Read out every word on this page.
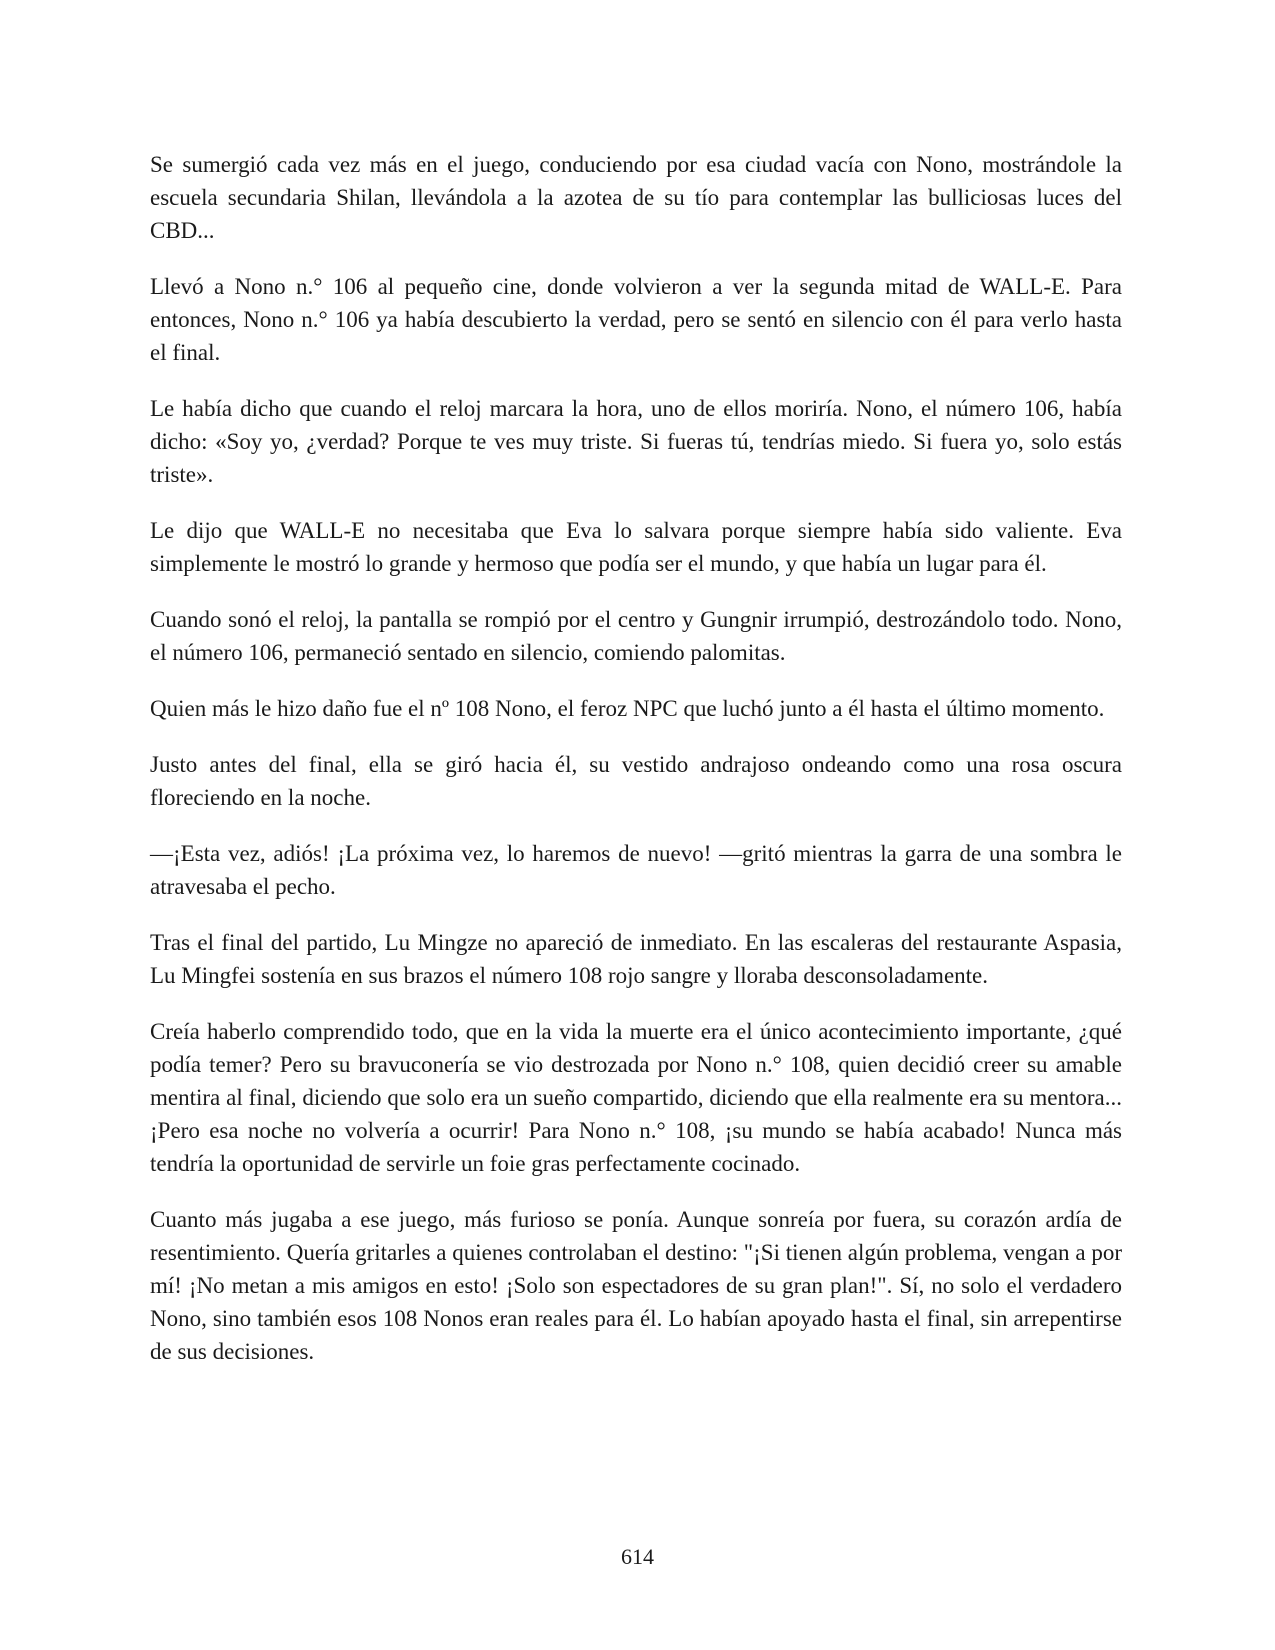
Se sumergió cada vez más en el juego, conduciendo por esa ciudad vacía con Nono, mostrándole la escuela secundaria Shilan, llevándola a la azotea de su tío para contemplar las bulliciosas luces del CBD...

Llevó a Nono n.° 106 al pequeño cine, donde volvieron a ver la segunda mitad de WALL-E. Para entonces, Nono n.° 106 ya había descubierto la verdad, pero se sentó en silencio con él para verlo hasta el final.

Le había dicho que cuando el reloj marcara la hora, uno de ellos moriría. Nono, el número 106, había dicho: «Soy yo, ¿verdad? Porque te ves muy triste. Si fueras tú, tendrías miedo. Si fuera yo, solo estás triste».

Le dijo que WALL-E no necesitaba que Eva lo salvara porque siempre había sido valiente. Eva simplemente le mostró lo grande y hermoso que podía ser el mundo, y que había un lugar para él.

Cuando sonó el reloj, la pantalla se rompió por el centro y Gungnir irrumpió, destrozándolo todo. Nono, el número 106, permaneció sentado en silencio, comiendo palomitas.

Quien más le hizo daño fue el nº 108 Nono, el feroz NPC que luchó junto a él hasta el último momento.

Justo antes del final, ella se giró hacia él, su vestido andrajoso ondeando como una rosa oscura floreciendo en la noche.

—¡Esta vez, adiós! ¡La próxima vez, lo haremos de nuevo! —gritó mientras la garra de una sombra le atravesaba el pecho.

Tras el final del partido, Lu Mingze no apareció de inmediato. En las escaleras del restaurante Aspasia, Lu Mingfei sostenía en sus brazos el número 108 rojo sangre y lloraba desconsoladamente.

Creía haberlo comprendido todo, que en la vida la muerte era el único acontecimiento importante, ¿qué podía temer? Pero su bravuconería se vio destrozada por Nono n.° 108, quien decidió creer su amable mentira al final, diciendo que solo era un sueño compartido, diciendo que ella realmente era su mentora... ¡Pero esa noche no volvería a ocurrir! Para Nono n.° 108, ¡su mundo se había acabado! Nunca más tendría la oportunidad de servirle un foie gras perfectamente cocinado.

Cuanto más jugaba a ese juego, más furioso se ponía. Aunque sonreía por fuera, su corazón ardía de resentimiento. Quería gritarles a quienes controlaban el destino: "¡Si tienen algún problema, vengan a por mí! ¡No metan a mis amigos en esto! ¡Solo son espectadores de su gran plan!". Sí, no solo el verdadero Nono, sino también esos 108 Nonos eran reales para él. Lo habían apoyado hasta el final, sin arrepentirse de sus decisiones.

614
